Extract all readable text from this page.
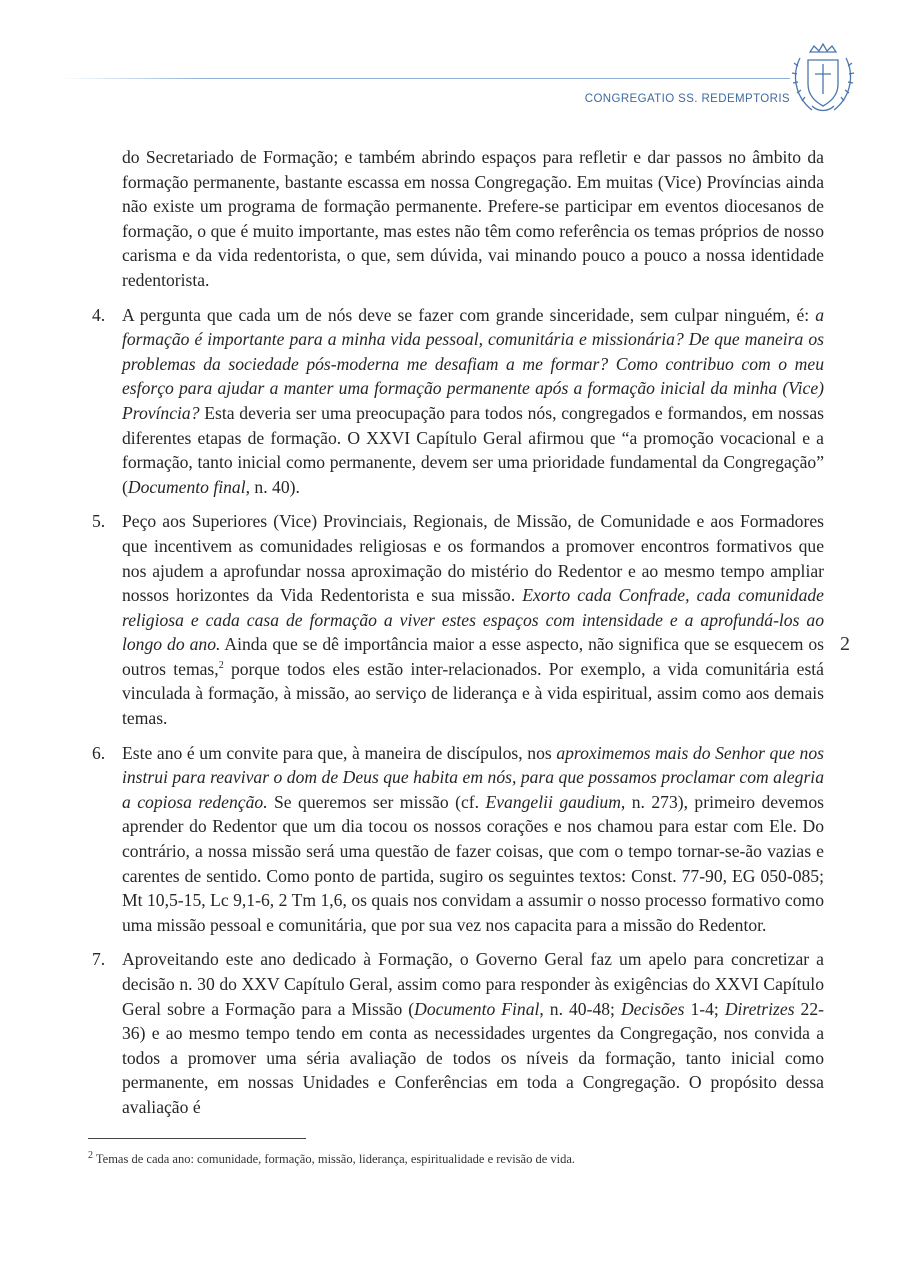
CONGREGATIO SS. REDEMPTORIS

do Secretariado de Formação; e também abrindo espaços para refletir e dar passos no âmbito da formação permanente, bastante escassa em nossa Congregação. Em muitas (Vice) Províncias ainda não existe um programa de formação permanente. Prefere-se participar em eventos diocesanos de formação, o que é muito importante, mas estes não têm como referência os temas próprios de nosso carisma e da vida redentorista, o que, sem dúvida, vai minando pouco a pouco a nossa identidade redentorista.

4. A pergunta que cada um de nós deve se fazer com grande sinceridade, sem culpar ninguém, é: a formação é importante para a minha vida pessoal, comunitária e missionária? De que maneira os problemas da sociedade pós-moderna me desafiam a me formar? Como contribuo com o meu esforço para ajudar a manter uma formação permanente após a formação inicial da minha (Vice) Província? Esta deveria ser uma preocupação para todos nós, congregados e formandos, em nossas diferentes etapas de formação. O XXVI Capítulo Geral afirmou que “a promoção vocacional e a formação, tanto inicial como permanente, devem ser uma prioridade fundamental da Congregação” (Documento final, n. 40).

5. Peço aos Superiores (Vice) Provinciais, Regionais, de Missão, de Comunidade e aos Formadores que incentivem as comunidades religiosas e os formandos a promover encontros formativos que nos ajudem a aprofundar nossa aproximação do mistério do Redentor e ao mesmo tempo ampliar nossos horizontes da Vida Redentorista e sua missão. Exorto cada Confrade, cada comunidade religiosa e cada casa de formação a viver estes espaços com intensidade e a aprofundá-los ao longo do ano. Ainda que se dê importância maior a esse aspecto, não significa que se esquecem os outros temas,$^2$ porque todos eles estão inter-relacionados. Por exemplo, a vida comunitária está vinculada à formação, à missão, ao serviço de liderança e à vida espiritual, assim como aos demais temas.

6. Este ano é um convite para que, à maneira de discípulos, nos aproximemos mais do Senhor que nos instrui para reavivar o dom de Deus que habita em nós, para que possamos proclamar com alegria a copiosa redenção. Se queremos ser missão (cf. Evangelii gaudium, n. 273), primeiro devemos aprender do Redentor que um dia tocou os nossos corações e nos chamou para estar com Ele. Do contrário, a nossa missão será uma questão de fazer coisas, que com o tempo tornar-se-ão vazias e carentes de sentido. Como ponto de partida, sugiro os seguintes textos: Const. 77-90, EG 050-085; Mt 10,5-15, Lc 9,1-6, 2 Tm 1,6, os quais nos convidam a assumir o nosso processo formativo como uma missão pessoal e comunitária, que por sua vez nos capacita para a missão do Redentor.

7. Aproveitando este ano dedicado à Formação, o Governo Geral faz um apelo para concretizar a decisão n. 30 do XXV Capítulo Geral, assim como para responder às exigências do XXVI Capítulo Geral sobre a Formação para a Missão (Documento Final, n. 40-48; Decisões 1-4; Diretrizes 22-36) e ao mesmo tempo tendo em conta as necessidades urgentes da Congregação, nos convida a todos a promover uma séria avaliação de todos os níveis da formação, tanto inicial como permanente, em nossas Unidades e Conferências em toda a Congregação. O propósito dessa avaliação é

2
$^2$ Temas de cada ano: comunidade, formação, missão, liderança, espiritualidade e revisão de vida.
